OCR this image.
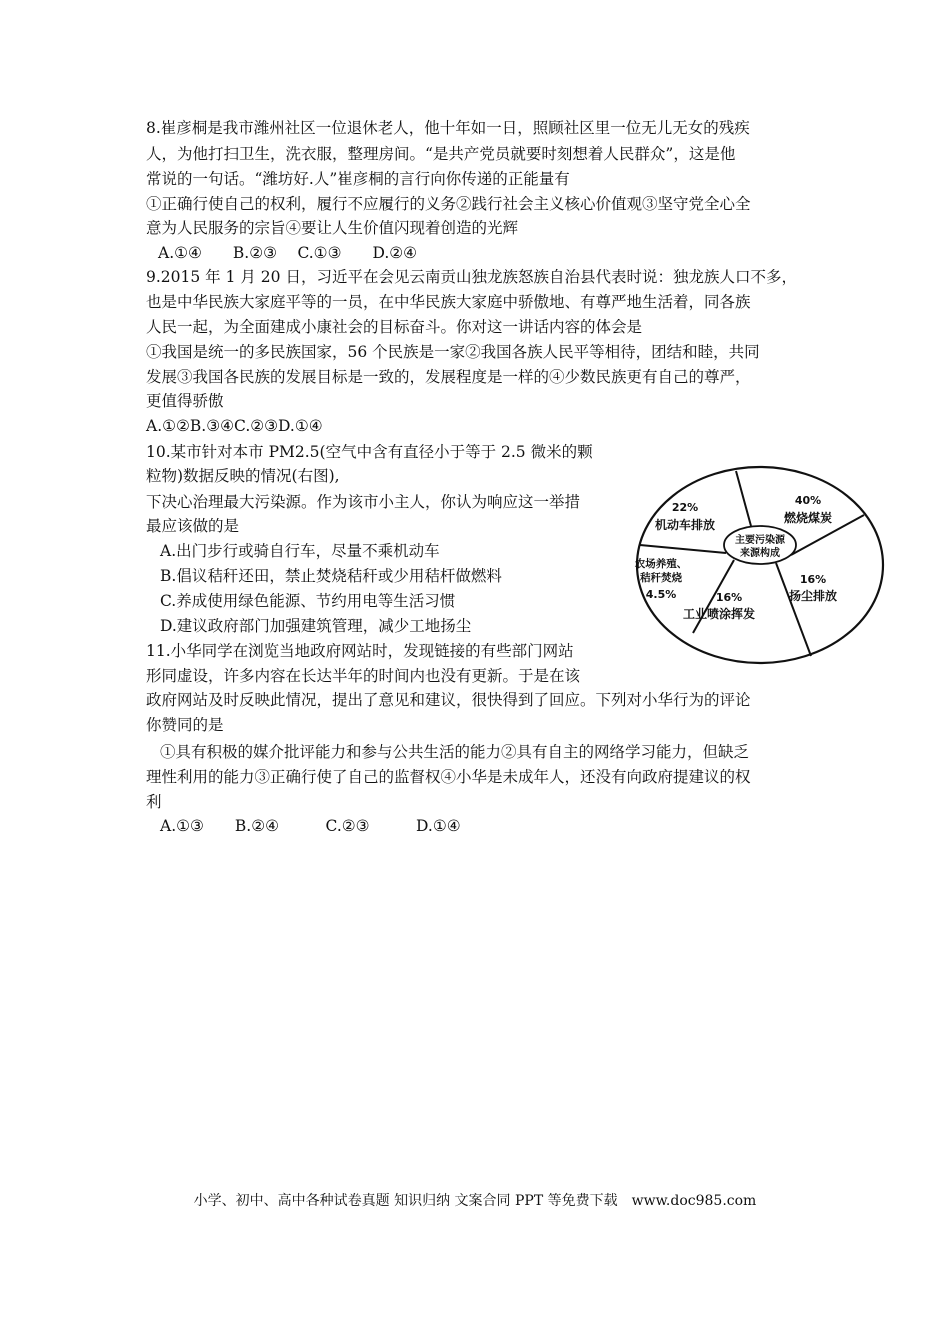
8.崔彦桐是我市潍州社区一位退休老人，他十年如一日，照顾社区里一位无儿无女的残疾
人，为他打扫卫生，洗衣服，整理房间。“是共产党员就要时刻想着人民群众”，这是他
常说的一句话。“潍坊好.人”崔彦桐的言行向你传递的正能量有
①正确行使自己的权利，履行不应履行的义务②践行社会主义核心价值观③坚守党全心全
意为人民服务的宗旨④要让人生价值闪现着创造的光辉
A.①④　　B.②③　 C.①③　　D.②④
9.2015 年 1 月 20 日，习近平在会见云南贡山独龙族怒族自治县代表时说：独龙族人口不多，
也是中华民族大家庭平等的一员，在中华民族大家庭中骄傲地、有尊严地生活着，同各族
人民一起，为全面建成小康社会的目标奋斗。你对这一讲话内容的体会是
①我国是统一的多民族国家，56 个民族是一家②我国各族人民平等相待，团结和睦，共同
发展③我国各民族的发展目标是一致的，发展程度是一样的④少数民族更有自己的尊严，
更值得骄傲
A.①②B.③④C.②③D.①④
10.某市针对本市 PM2.5(空气中含有直径小于等于 2.5 微米的颗
粒物)数据反映的情况(右图),
下决心治理最大污染源。作为该市小主人，你认为响应这一举措
最应该做的是
A.出门步行或骑自行车，尽量不乘机动车
B.倡议秸秆还田，禁止焚烧秸秆或少用秸杆做燃料
C.养成使用绿色能源、节约用电等生活习惯
D.建议政府部门加强建筑管理，减少工地扬尘
11.小华同学在浏览当地政府网站时，发现链接的有些部门网站
形同虚设，许多内容在长达半年的时间内也没有更新。于是在该
政府网站及时反映此情况，提出了意见和建议，很快得到了回应。下列对小华行为的评论
你赞同的是
①具有积极的媒介批评能力和参与公共生活的能力②具有自主的网络学习能力，但缺乏
理性利用的能力③正确行使了自己的监督权④小华是未成年人，还没有向政府提建议的权
利
A.①③　　B.②④　　　C.②③　　　D.①④
40%
燃烧煤炭
16%
扬尘排放
16%
工业喷涂挥发
4.5%
农场养殖、
秸秆焚烧
22%
机动车排放
主要污染源
来源构成
小学、初中、高中各种试卷真题 知识归纳 文案合同 PPT 等免费下载　www.doc985.com
